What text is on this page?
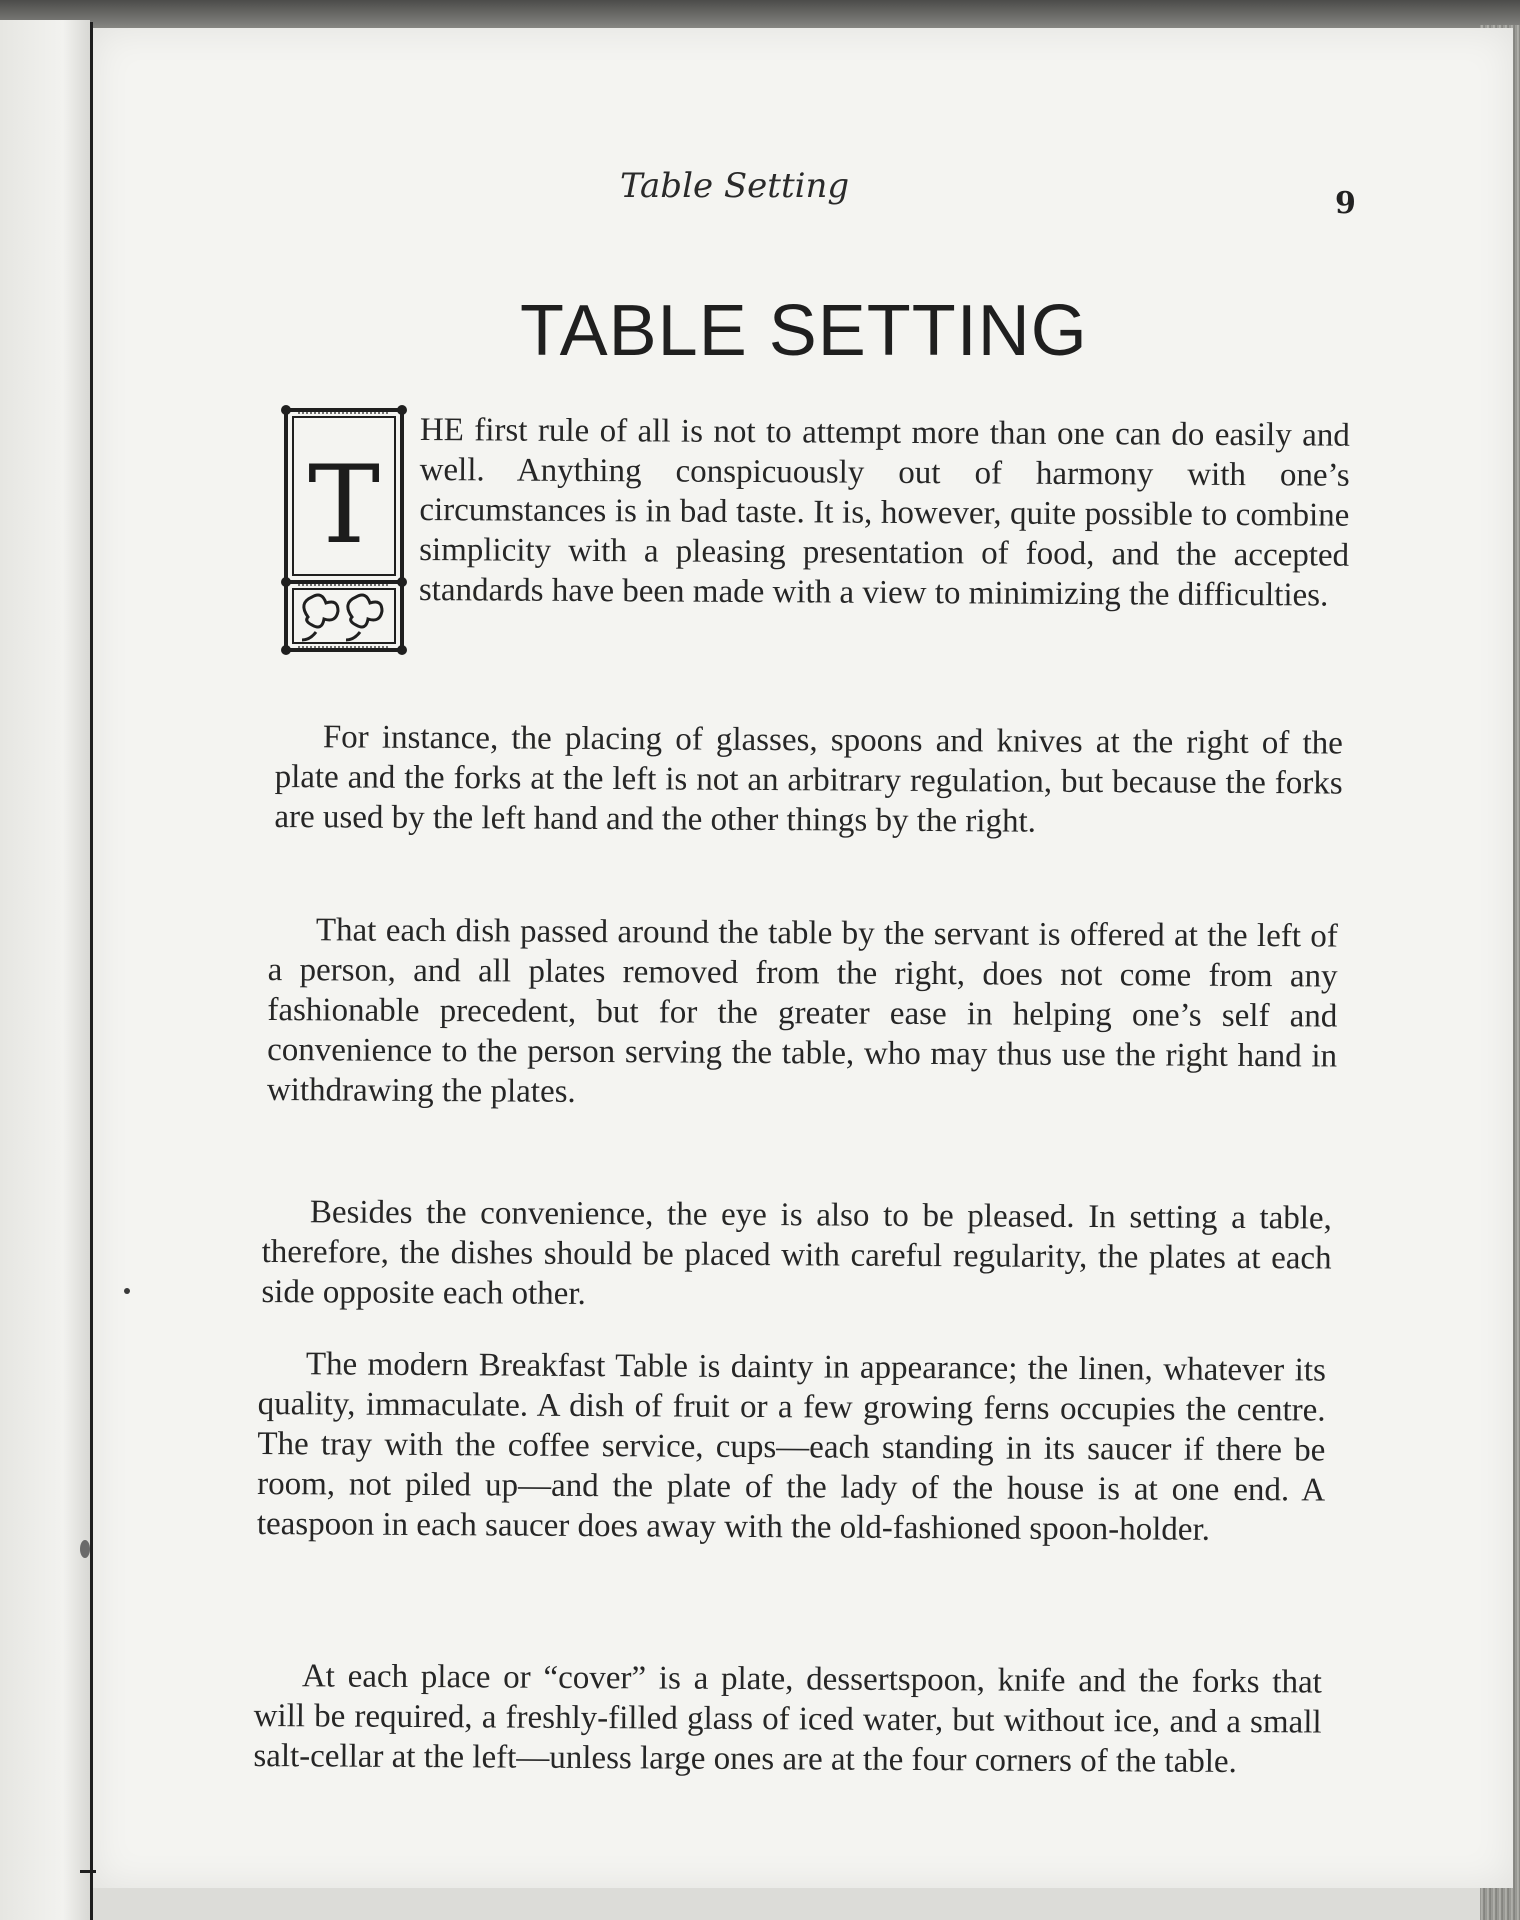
Table Setting	9
TABLE SETTING
T
HE first rule of all is not to attempt more than one can do easily and well. Anything conspicuously out of harmony with one’s circumstances is in bad taste. It is, however, quite possible to combine simplicity with a pleasing presentation of food, and the accepted standards have been made with a view to minimizing the difficulties.
For instance, the placing of glasses, spoons and knives at the right of the plate and the forks at the left is not an arbitrary regulation, but because the forks are used by the left hand and the other things by the right.
That each dish passed around the table by the servant is offered at the left of a person, and all plates removed from the right, does not come from any fashionable precedent, but for the greater ease in helping one’s self and convenience to the person serving the table, who may thus use the right hand in withdrawing the plates.
Besides the convenience, the eye is also to be pleased. In setting a table, therefore, the dishes should be placed with careful regularity, the plates at each side opposite each other.
The modern Breakfast Table is dainty in appearance; the linen, whatever its quality, immaculate. A dish of fruit or a few growing ferns occupies the centre. The tray with the coffee service, cups—each standing in its saucer if there be room, not piled up—and the plate of the lady of the house is at one end. A teaspoon in each saucer does away with the old-fashioned spoon-holder.
At each place or “cover” is a plate, dessertspoon, knife and the forks that will be required, a freshly-filled glass of iced water, but without ice, and a small salt-cellar at the left—unless large ones are at the four corners of the table.
